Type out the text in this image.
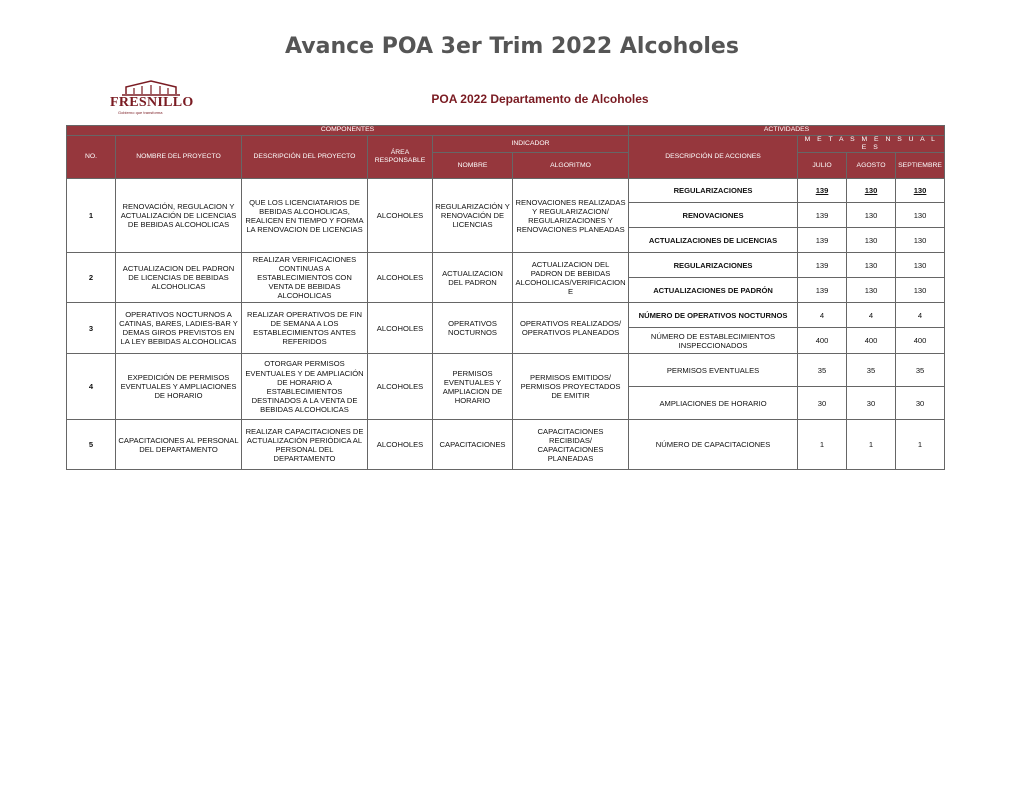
Avance POA 3er Trim 2022 Alcoholes
FRESNILLO
Gobierno que transforma
POA 2022 Departamento de Alcoholes
COMPONENTES						ACTIVIDADES			
NO.	NOMBRE DEL PROYECTO	DESCRIPCIÓN DEL PROYECTO	ÁREA RESPONSABLE	INDICADOR		DESCRIPCIÓN DE ACCIONES	M E T A S M E N S U A L E S		
				NOMBRE	ALGORITMO		JULIO	AGOSTO	SEPTIEMBRE
1	RENOVACIÓN, REGULACION Y ACTUALIZACIÓN DE LICENCIAS DE BEBIDAS ALCOHOLICAS	QUE LOS LICENCIATARIOS DE BEBIDAS ALCOHOLICAS, REALICEN EN TIEMPO Y FORMA LA RENOVACION DE LICENCIAS	ALCOHOLES	REGULARIZACIÓN Y RENOVACIÓN DE LICENCIAS	RENOVACIONES REALIZADAS Y REGULARIZACION/ REGULARIZACIONES Y RENOVACIONES PLANEADAS	REGULARIZACIONES	139	130	130
						RENOVACIONES	139	130	130
						ACTUALIZACIONES DE LICENCIAS	139	130	130
2	ACTUALIZACION DEL PADRON DE LICENCIAS DE BEBIDAS ALCOHOLICAS	REALIZAR VERIFICACIONES CONTINUAS A ESTABLECIMIENTOS CON VENTA DE BEBIDAS ALCOHOLICAS	ALCOHOLES	ACTUALIZACION DEL PADRON	ACTUALIZACION DEL PADRON DE BEBIDAS ALCOHOLICAS/VERIFICACION E	REGULARIZACIONES	139	130	130
						ACTUALIZACIONES DE PADRÓN	139	130	130
3	OPERATIVOS NOCTURNOS A CATINAS, BARES, LADIES-BAR Y DEMAS GIROS PREVISTOS EN LA LEY BEBIDAS ALCOHOLICAS	REALIZAR OPERATIVOS DE FIN DE SEMANA A LOS ESTABLECIMIENTOS ANTES REFERIDOS	ALCOHOLES	OPERATIVOS NOCTURNOS	OPERATIVOS REALIZADOS/ OPERATIVOS PLANEADOS	NÚMERO DE OPERATIVOS NOCTURNOS	4	4	4
						NÚMERO DE ESTABLECIMIENTOS INSPECCIONADOS	400	400	400
4	EXPEDICIÓN DE PERMISOS EVENTUALES Y AMPLIACIONES DE HORARIO	OTORGAR PERMISOS EVENTUALES Y DE AMPLIACIÓN DE HORARIO A ESTABLECIMIENTOS DESTINADOS A LA VENTA DE BEBIDAS ALCOHOLICAS	ALCOHOLES	PERMISOS EVENTUALES Y AMPLIACION DE HORARIO	PERMISOS EMITIDOS/ PERMISOS PROYECTADOS DE EMITIR	PERMISOS EVENTUALES	35	35	35
						AMPLIACIONES DE HORARIO	30	30	30
5	CAPACITACIONES AL PERSONAL DEL DEPARTAMENTO	REALIZAR CAPACITACIONES DE ACTUALIZACIÓN PERIÓDICA AL PERSONAL DEL DEPARTAMENTO	ALCOHOLES	CAPACITACIONES	CAPACITACIONES RECIBIDAS/ CAPACITACIONES PLANEADAS	NÚMERO DE CAPACITACIONES	1	1	1
